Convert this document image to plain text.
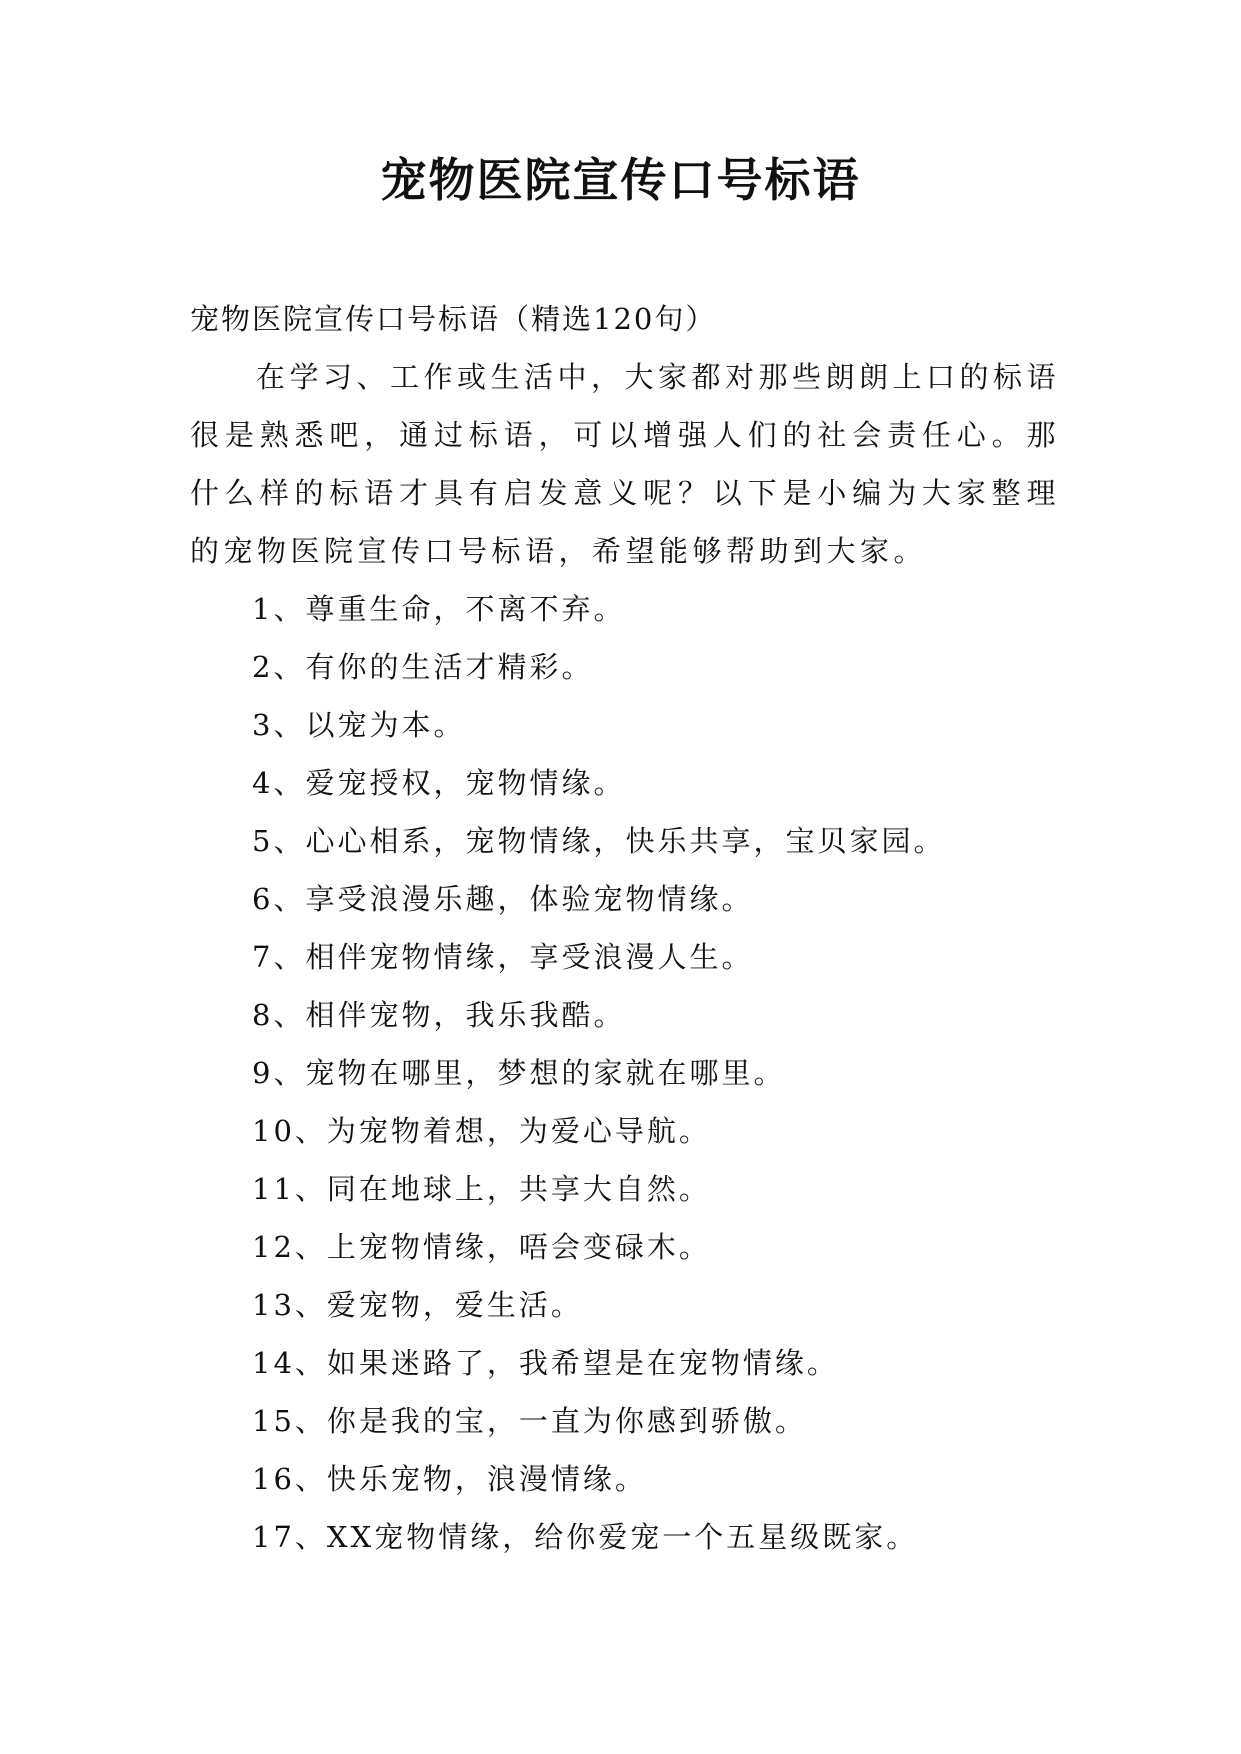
宠物医院宣传口号标语

宠物医院宣传口号标语（精选120句）

在学习、工作或生活中，大家都对那些朗朗上口的标语很是熟悉吧，通过标语，可以增强人们的社会责任心。那什么样的标语才具有启发意义呢？以下是小编为大家整理的宠物医院宣传口号标语，希望能够帮助到大家。

1、尊重生命，不离不弃。
2、有你的生活才精彩。
3、以宠为本。
4、爱宠授权，宠物情缘。
5、心心相系，宠物情缘，快乐共享，宝贝家园。
6、享受浪漫乐趣，体验宠物情缘。
7、相伴宠物情缘，享受浪漫人生。
8、相伴宠物，我乐我酷。
9、宠物在哪里，梦想的家就在哪里。
10、为宠物着想，为爱心导航。
11、同在地球上，共享大自然。
12、上宠物情缘，唔会变碌木。
13、爱宠物，爱生活。
14、如果迷路了，我希望是在宠物情缘。
15、你是我的宝，一直为你感到骄傲。
16、快乐宠物，浪漫情缘。
17、XX宠物情缘，给你爱宠一个五星级既家。
